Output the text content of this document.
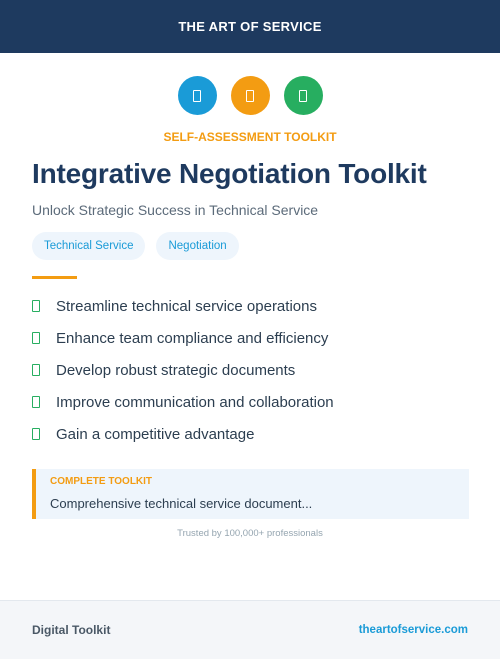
THE ART OF SERVICE
SELF-ASSESSMENT TOOLKIT
Integrative Negotiation Toolkit
Unlock Strategic Success in Technical Service
Technical Service	Negotiation
Streamline technical service operations
Enhance team compliance and efficiency
Develop robust strategic documents
Improve communication and collaboration
Gain a competitive advantage
COMPLETE TOOLKIT
Comprehensive technical service document...
Trusted by 100,000+ professionals
Digital Toolkit	theartofservice.com
